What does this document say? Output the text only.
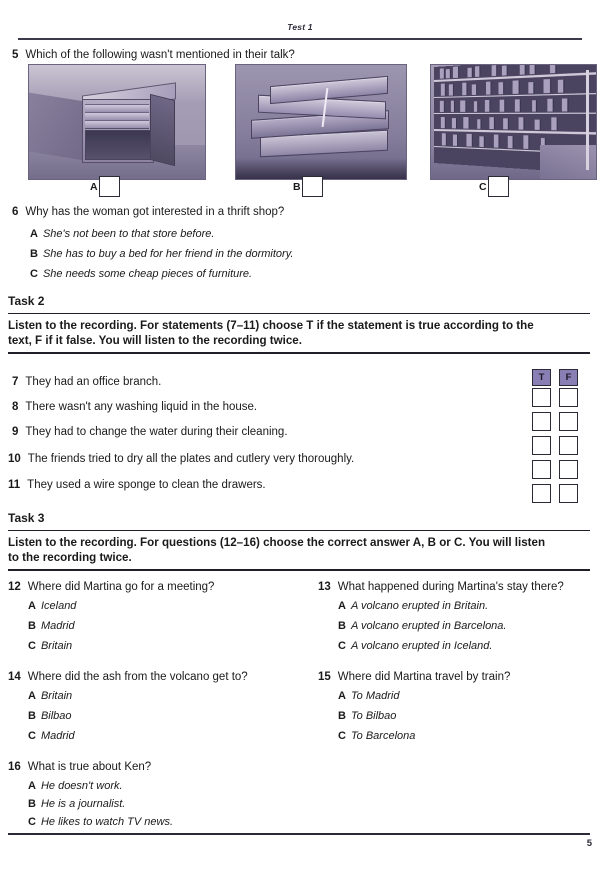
Test 1
5 Which of the following wasn't mentioned in their talk?
A	B	C
6 Why has the woman got interested in a thrift shop?
A She's not been to that store before.
B She has to buy a bed for her friend in the dormitory.
C She needs some cheap pieces of furniture.
Task 2
Listen to the recording. For statements (7–11) choose T if the statement is true according to the
text, F if it false. You will listen to the recording twice.
T	F
7 They had an office branch.
8 There wasn't any washing liquid in the house.
9 They had to change the water during their cleaning.
10 The friends tried to dry all the plates and cutlery very thoroughly.
11 They used a wire sponge to clean the drawers.
Task 3
Listen to the recording. For questions (12–16) choose the correct answer A, B or C. You will listen
to the recording twice.
12 Where did Martina go for a meeting?
A Iceland
B Madrid
C Britain
13 What happened during Martina's stay there?
A A volcano erupted in Britain.
B A volcano erupted in Barcelona.
C A volcano erupted in Iceland.
14 Where did the ash from the volcano get to?
A Britain
B Bilbao
C Madrid
15 Where did Martina travel by train?
A To Madrid
B To Bilbao
C To Barcelona
16 What is true about Ken?
A He doesn't work.
B He is a journalist.
C He likes to watch TV news.
5
